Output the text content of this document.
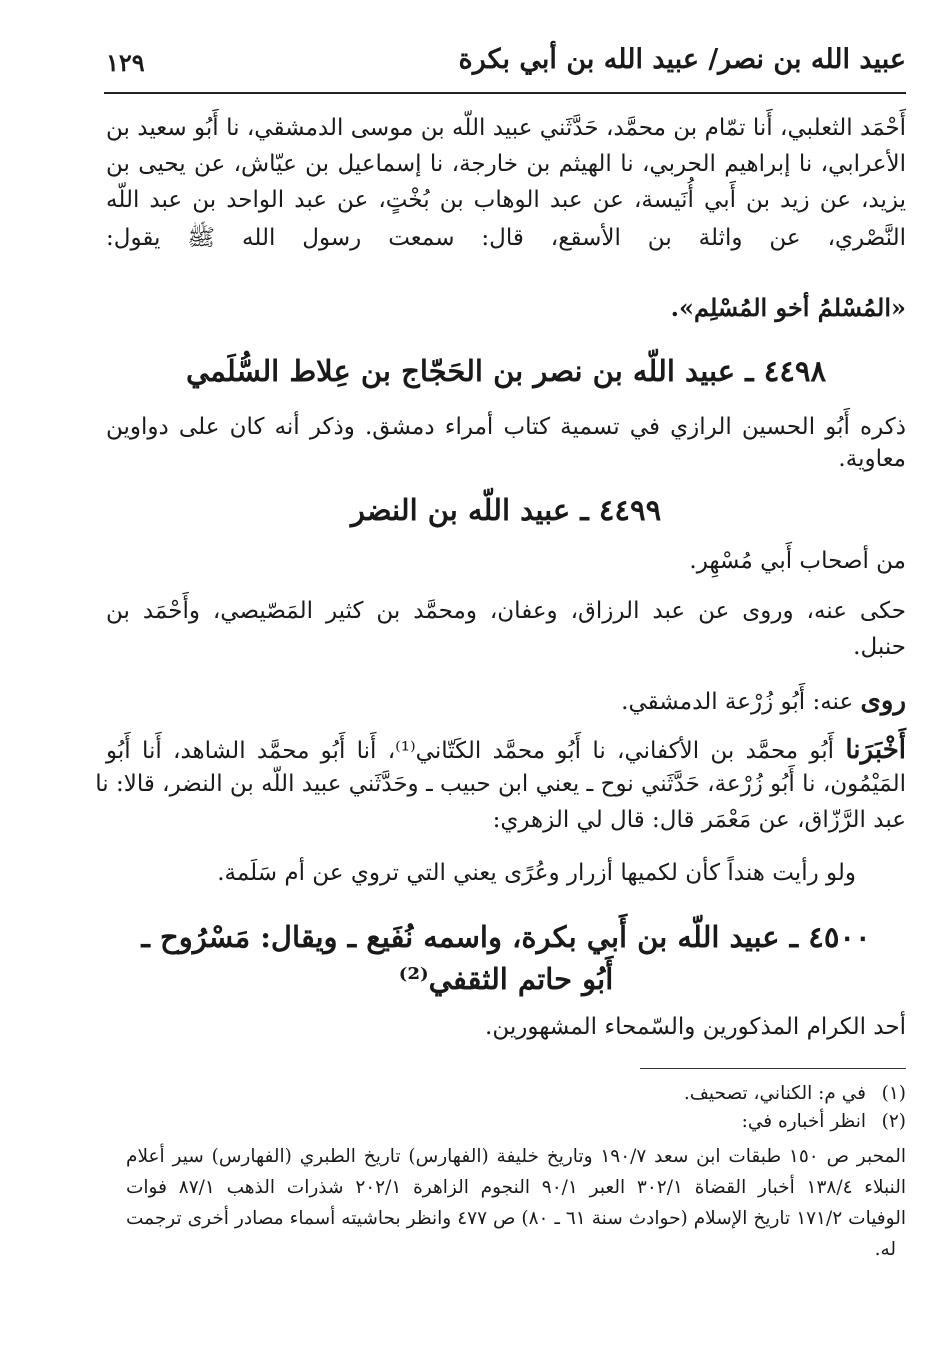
عبيد الله بن نصر/ عبيد الله بن أبي بكرة
١٢٩
أَحْمَد الثعلبي، أَنا تمّام بن محمَّد، حَدَّثَني عبيد اللّه بن موسى الدمشقي، نا أَبُو سعيد بن
الأعرابي، نا إبراهيم الحربي، نا الهيثم بن خارجة، نا إسماعيل بن عيّاش، عن يحيى بن
يزيد، عن زيد بن أَبي أُنَيسة، عن عبد الوهاب بن بُخْتٍ، عن عبد الواحد بن عبد اللّه
النَّصْري، عن واثلة بن الأسقع، قال: سمعت رسول الله ﷺ يقول:
«المُسْلمُ أخو المُسْلِم».
٤٤٩٨ ـ عبيد اللّه بن نصر بن الحَجّاج بن عِلاط السُّلَمي
ذكره أَبُو الحسين الرازي في تسمية كتاب أمراء دمشق. وذكر أنه كان على دواوين
معاوية.
٤٤٩٩ ـ عبيد اللّه بن النضر
من أصحاب أَبي مُسْهِر.
حكى عنه، وروى عن عبد الرزاق، وعفان، ومحمَّد بن كثير المَصّيصي، وأَحْمَد بن
حنبل.
روى عنه: أَبُو زُرْعة الدمشقي.
أَخْبَرَنا أَبُو محمَّد بن الأكفاني، نا أَبُو محمَّد الكَتّاني⁽¹⁾، أَنا أَبُو محمَّد الشاهد، أَنا أَبُو
المَيْمُون، نا أَبُو زُرْعة، حَدَّثَني نوح ـ يعني ابن حبيب ـ وحَدَّثَني عبيد اللّه بن النضر، قالا: نا
عبد الرَّزّاق، عن مَعْمَر قال: قال لي الزهري:
ولو رأيت هنداً كأن لكميها أزرار وعُرًى يعني التي تروي عن أم سَلَمة.
٤٥٠٠ ـ عبيد اللّه بن أَبي بكرة، واسمه نُفَيع ـ ويقال: مَسْرُوح ـ
أَبُو حاتم الثقفي⁽²⁾
أحد الكرام المذكورين والسّمحاء المشهورين.
(١)في م: الكناني، تصحيف.
(٢)انظر أخباره في:
المحبر ص ١٥٠ طبقات ابن سعد ١٩٠/٧ وتاريخ خليفة (الفهارس) تاريخ الطبري (الفهارس) سير أعلام
النبلاء ١٣٨/٤ أخبار القضاة ٣٠٢/١ العبر ٩٠/١ النجوم الزاهرة ٢٠٢/١ شذرات الذهب ٨٧/١ فوات
الوفيات ١٧١/٢ تاريخ الإسلام (حوادث سنة ٦١ ـ ٨٠) ص ٤٧٧ وانظر بحاشيته أسماء مصادر أخرى ترجمت
له.
